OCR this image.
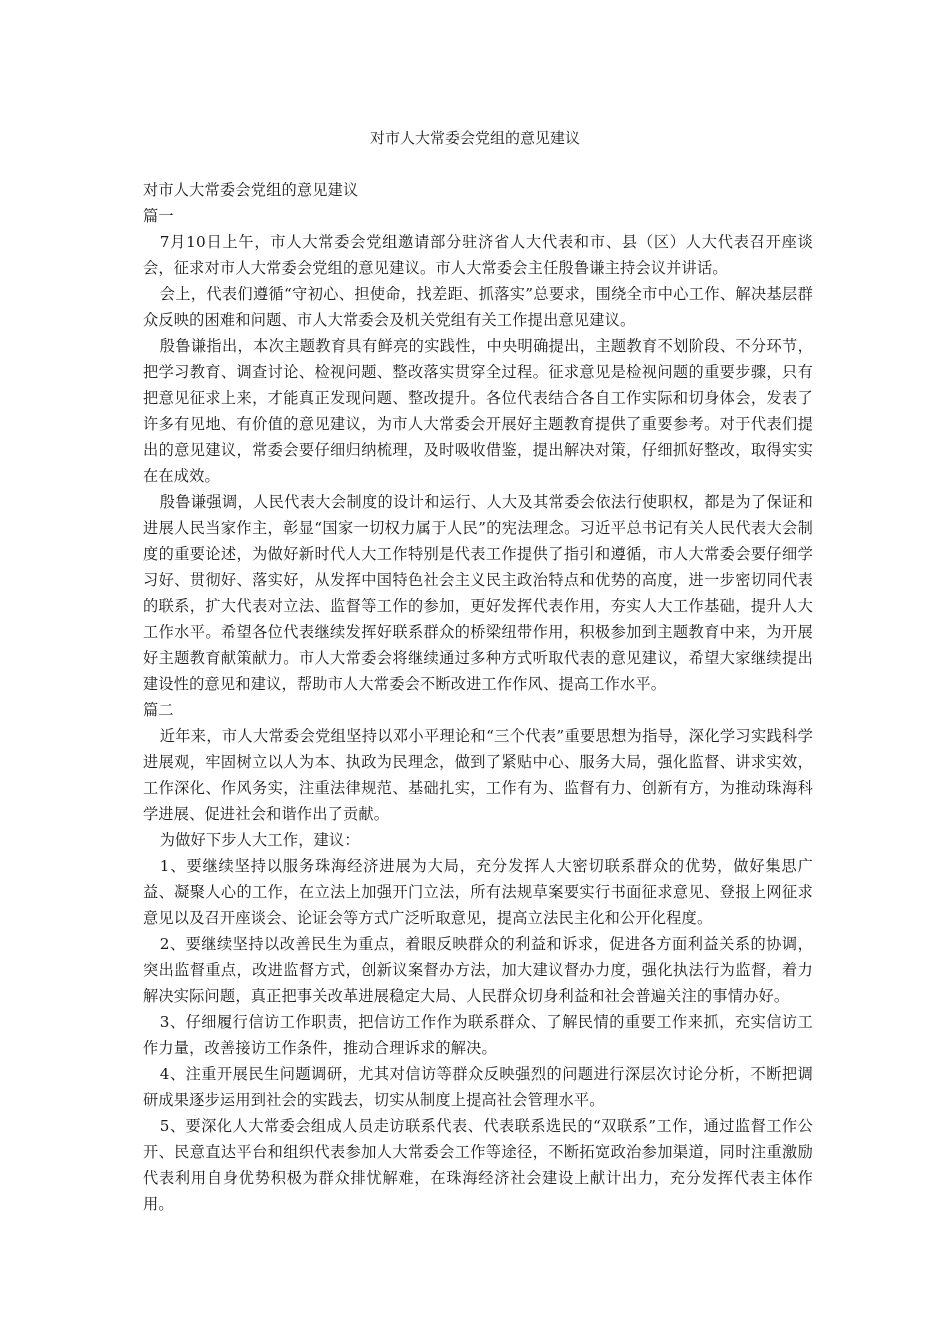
对市人大常委会党组的意见建议

对市人大常委会党组的意见建议

篇一

7月10日上午，市人大常委会党组邀请部分驻济省人大代表和市、县（区）人大代表召开座谈会，征求对市人大常委会党组的意见建议。市人大常委会主任殷鲁谦主持会议并讲话。

会上，代表们遵循“守初心、担使命，找差距、抓落实”总要求，围绕全市中心工作、解决基层群众反映的困难和问题、市人大常委会及机关党组有关工作提出意见建议。

殷鲁谦指出，本次主题教育具有鲜亮的实践性，中央明确提出，主题教育不划阶段、不分环节，把学习教育、调查讨论、检视问题、整改落实贯穿全过程。征求意见是检视问题的重要步骤，只有把意见征求上来，才能真正发现问题、整改提升。各位代表结合各自工作实际和切身体会，发表了许多有见地、有价值的意见建议，为市人大常委会开展好主题教育提供了重要参考。对于代表们提出的意见建议，常委会要仔细归纳梳理，及时吸收借鉴，提出解决对策，仔细抓好整改，取得实实在在成效。

殷鲁谦强调，人民代表大会制度的设计和运行、人大及其常委会依法行使职权，都是为了保证和进展人民当家作主，彰显“国家一切权力属于人民”的宪法理念。习近平总书记有关人民代表大会制度的重要论述，为做好新时代人大工作特别是代表工作提供了指引和遵循，市人大常委会要仔细学习好、贯彻好、落实好，从发挥中国特色社会主义民主政治特点和优势的高度，进一步密切同代表的联系，扩大代表对立法、监督等工作的参加，更好发挥代表作用，夯实人大工作基础，提升人大工作水平。希望各位代表继续发挥好联系群众的桥梁纽带作用，积极参加到主题教育中来，为开展好主题教育献策献力。市人大常委会将继续通过多种方式听取代表的意见建议，希望大家继续提出建设性的意见和建议，帮助市人大常委会不断改进工作作风、提高工作水平。

篇二

近年来，市人大常委会党组坚持以邓小平理论和“三个代表”重要思想为指导，深化学习实践科学进展观，牢固树立以人为本、执政为民理念，做到了紧贴中心、服务大局，强化监督、讲求实效，工作深化、作风务实，注重法律规范、基础扎实，工作有为、监督有力、创新有方，为推动珠海科学进展、促进社会和谐作出了贡献。

为做好下步人大工作，建议：

1、要继续坚持以服务珠海经济进展为大局，充分发挥人大密切联系群众的优势，做好集思广益、凝聚人心的工作，在立法上加强开门立法，所有法规草案要实行书面征求意见、登报上网征求意见以及召开座谈会、论证会等方式广泛听取意见，提高立法民主化和公开化程度。

2、要继续坚持以改善民生为重点，着眼反映群众的利益和诉求，促进各方面利益关系的协调，突出监督重点，改进监督方式，创新议案督办方法，加大建议督办力度，强化执法行为监督，着力解决实际问题，真正把事关改革进展稳定大局、人民群众切身利益和社会普遍关注的事情办好。

3、仔细履行信访工作职责，把信访工作作为联系群众、了解民情的重要工作来抓，充实信访工作力量，改善接访工作条件，推动合理诉求的解决。

4、注重开展民生问题调研，尤其对信访等群众反映强烈的问题进行深层次讨论分析，不断把调研成果逐步运用到社会的实践去，切实从制度上提高社会管理水平。

5、要深化人大常委会组成人员走访联系代表、代表联系选民的“双联系”工作，通过监督工作公开、民意直达平台和组织代表参加人大常委会工作等途径，不断拓宽政治参加渠道，同时注重激励代表利用自身优势积极为群众排忧解难，在珠海经济社会建设上献计出力，充分发挥代表主体作用。
